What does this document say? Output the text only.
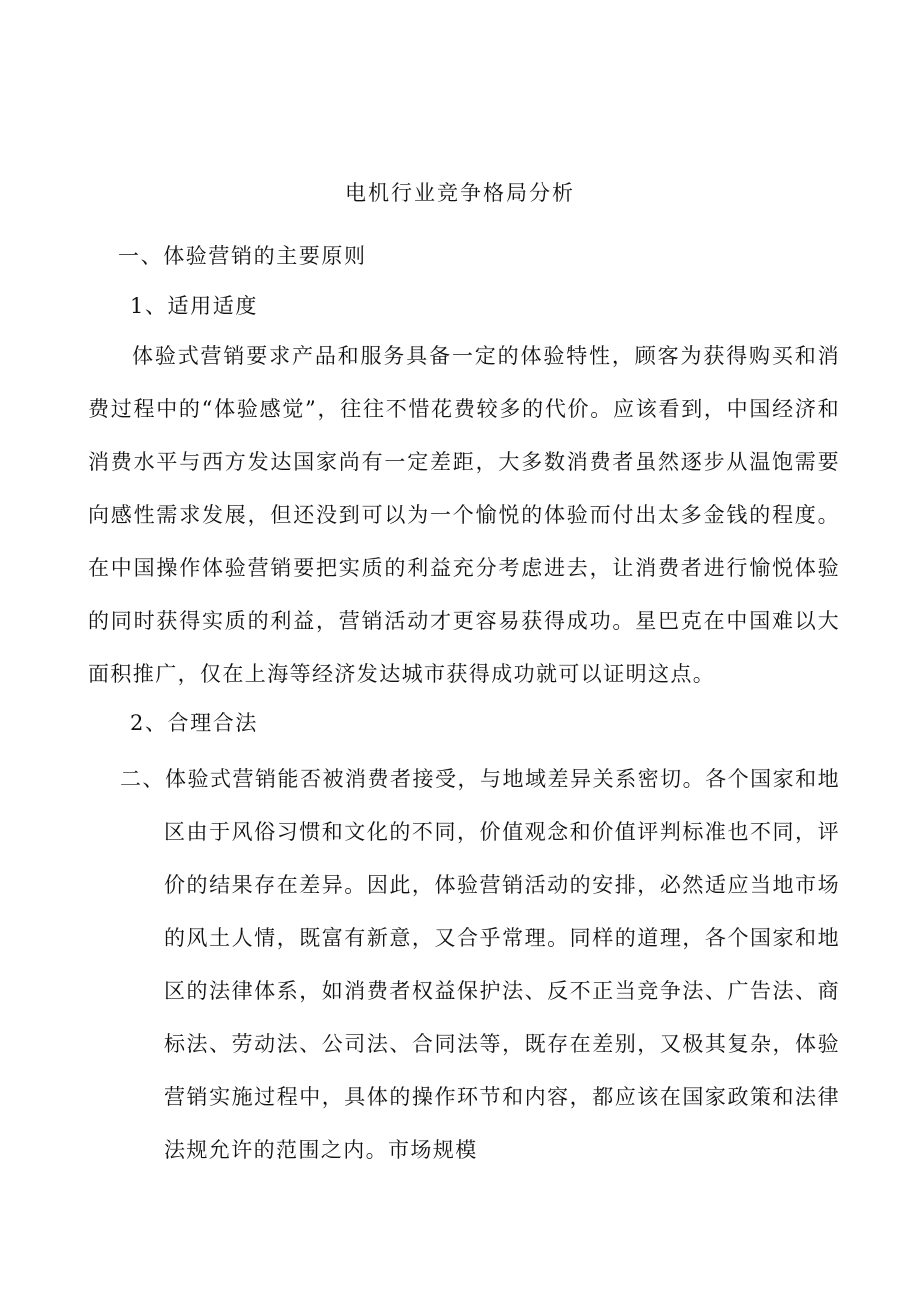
电机行业竞争格局分析
一、体验营销的主要原则
1、适用适度
体验式营销要求产品和服务具备一定的体验特性，顾客为获得购买和消费过程中的“体验感觉”，往往不惜花费较多的代价。应该看到，中国经济和消费水平与西方发达国家尚有一定差距，大多数消费者虽然逐步从温饱需要向感性需求发展，但还没到可以为一个愉悦的体验而付出太多金钱的程度。在中国操作体验营销要把实质的利益充分考虑进去，让消费者进行愉悦体验的同时获得实质的利益，营销活动才更容易获得成功。星巴克在中国难以大面积推广，仅在上海等经济发达城市获得成功就可以证明这点。
2、合理合法
二、体验式营销能否被消费者接受，与地域差异关系密切。各个国家和地区由于风俗习惯和文化的不同，价值观念和价值评判标准也不同，评价的结果存在差异。因此，体验营销活动的安排，必然适应当地市场的风土人情，既富有新意，又合乎常理。同样的道理，各个国家和地区的法律体系，如消费者权益保护法、反不正当竞争法、广告法、商标法、劳动法、公司法、合同法等，既存在差别，又极其复杂，体验营销实施过程中，具体的操作环节和内容，都应该在国家政策和法律法规允许的范围之内。市场规模
